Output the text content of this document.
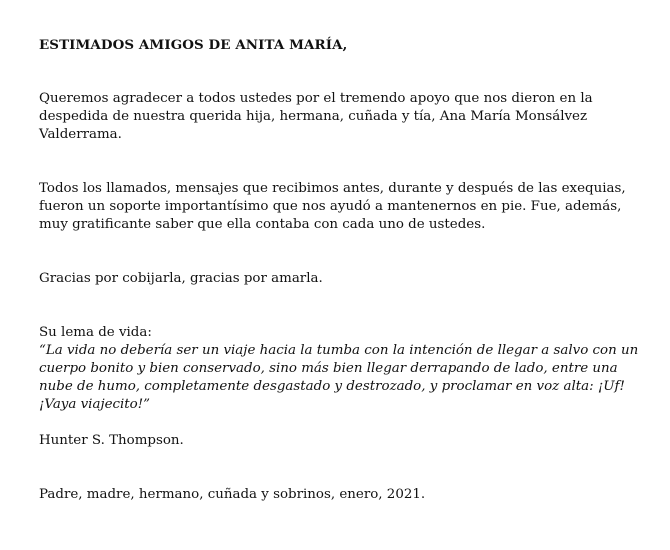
ESTIMADOS AMIGOS DE ANITA MARÍA,

Queremos agradecer a todos ustedes por el tremendo apoyo que nos dieron en la despedida de nuestra querida hija, hermana, cuñada y tía, Ana María Monsálvez Valderrama.

Todos los llamados, mensajes que recibimos antes, durante y después de las exequias, fueron un soporte importantísimo que nos ayudó a mantenernos en pie. Fue, además, muy gratificante saber que ella contaba con cada uno de ustedes.

Gracias por cobijarla, gracias por amarla.

Su lema de vida:

“La vida no debería ser un viaje hacia la tumba con la intención de llegar a salvo con un cuerpo bonito y bien conservado, sino más bien llegar derrapando de lado, entre una nube de humo, completamente desgastado y destrozado, y proclamar en voz alta: ¡Uf! ¡Vaya viajecito!”

Hunter S. Thompson.

Padre, madre, hermano, cuñada y sobrinos, enero, 2021.
